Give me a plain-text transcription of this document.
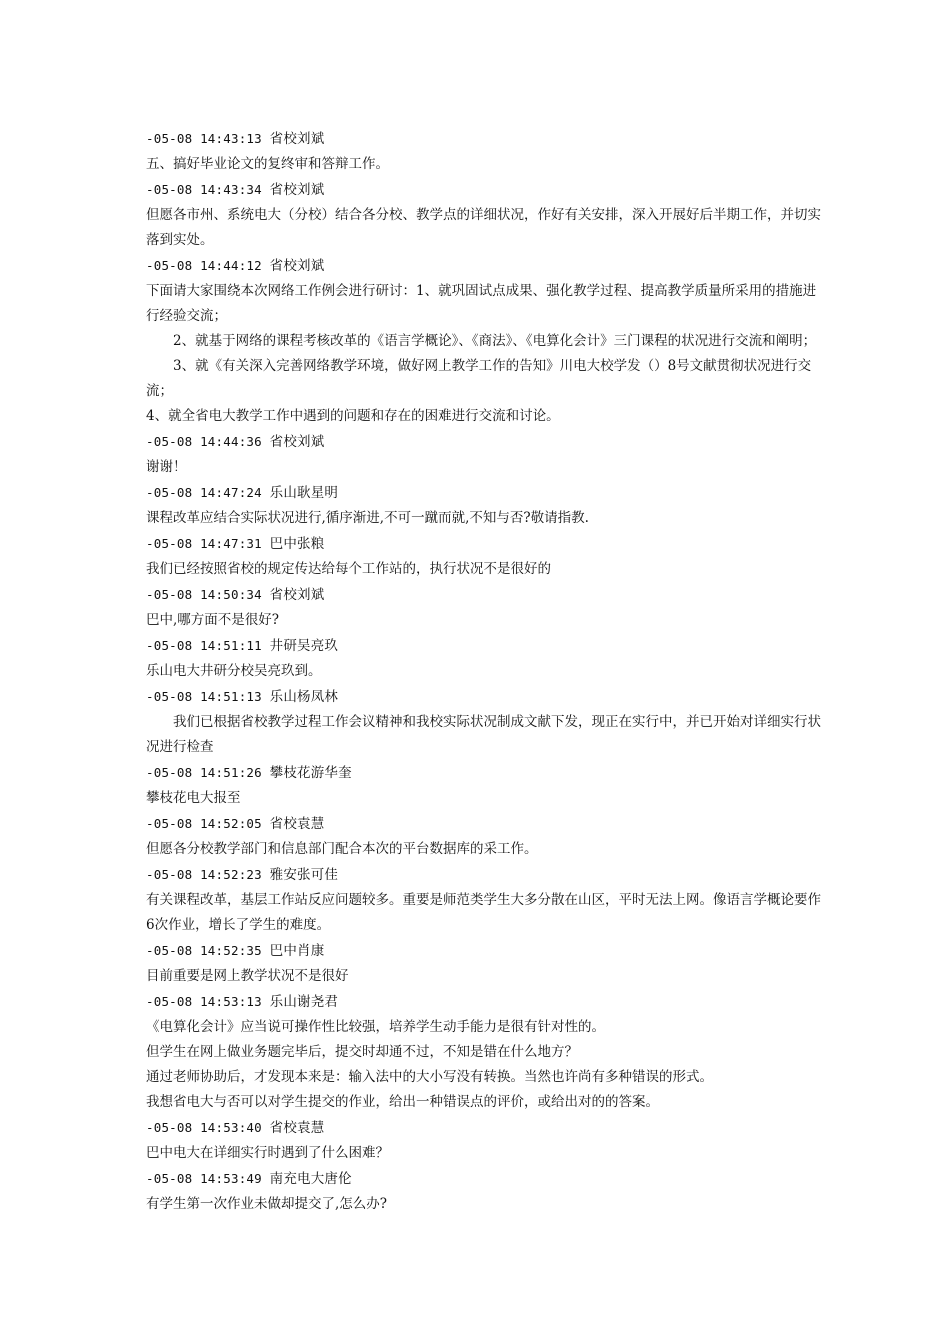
-05-08 14:43:13 省校刘斌

五、搞好毕业论文的复终审和答辩工作。

-05-08 14:43:34 省校刘斌

但愿各市州、系统电大（分校）结合各分校、教学点的详细状况，作好有关安排，深入开展好后半期工作，并切实落到实处。

-05-08 14:44:12 省校刘斌

下面请大家围绕本次网络工作例会进行研讨：1、就巩固试点成果、强化教学过程、提高教学质量所采用的措施进行经验交流；

2、就基于网络的课程考核改革的《语言学概论》、《商法》、《电算化会计》三门课程的状况进行交流和阐明；

3、就《有关深入完善网络教学环境，做好网上教学工作的告知》川电大校学发（）8号文献贯彻状况进行交流；

4、就全省电大教学工作中遇到的问题和存在的困难进行交流和讨论。

-05-08 14:44:36 省校刘斌

谢谢！

-05-08 14:47:24 乐山耿星明

课程改革应结合实际状况进行,循序渐进,不可一蹴而就,不知与否?敬请指教.

-05-08 14:47:31 巴中张粮

我们已经按照省校的规定传达给每个工作站的，执行状况不是很好的

-05-08 14:50:34 省校刘斌

巴中,哪方面不是很好?

-05-08 14:51:11 井研吴亮玖

乐山电大井研分校吴亮玖到。

-05-08 14:51:13 乐山杨凤林

我们已根据省校教学过程工作会议精神和我校实际状况制成文献下发，现正在实行中，并已开始对详细实行状况进行检查

-05-08 14:51:26 攀枝花游华奎

攀枝花电大报至

-05-08 14:52:05 省校袁慧

但愿各分校教学部门和信息部门配合本次的平台数据库的采工作。

-05-08 14:52:23 雅安张可佳

有关课程改革，基层工作站反应问题较多。重要是师范类学生大多分散在山区，平时无法上网。像语言学概论要作6次作业，增长了学生的难度。

-05-08 14:52:35 巴中肖康

目前重要是网上教学状况不是很好

-05-08 14:53:13 乐山谢尧君

《电算化会计》应当说可操作性比较强，培养学生动手能力是很有针对性的。

但学生在网上做业务题完毕后，提交时却通不过，不知是错在什么地方？

通过老师协助后，才发现本来是：输入法中的大小写没有转换。当然也许尚有多种错误的形式。

我想省电大与否可以对学生提交的作业，给出一种错误点的评价，或给出对的的答案。

-05-08 14:53:40 省校袁慧

巴中电大在详细实行时遇到了什么困难？

-05-08 14:53:49 南充电大唐伦

有学生第一次作业未做却提交了,怎么办?
